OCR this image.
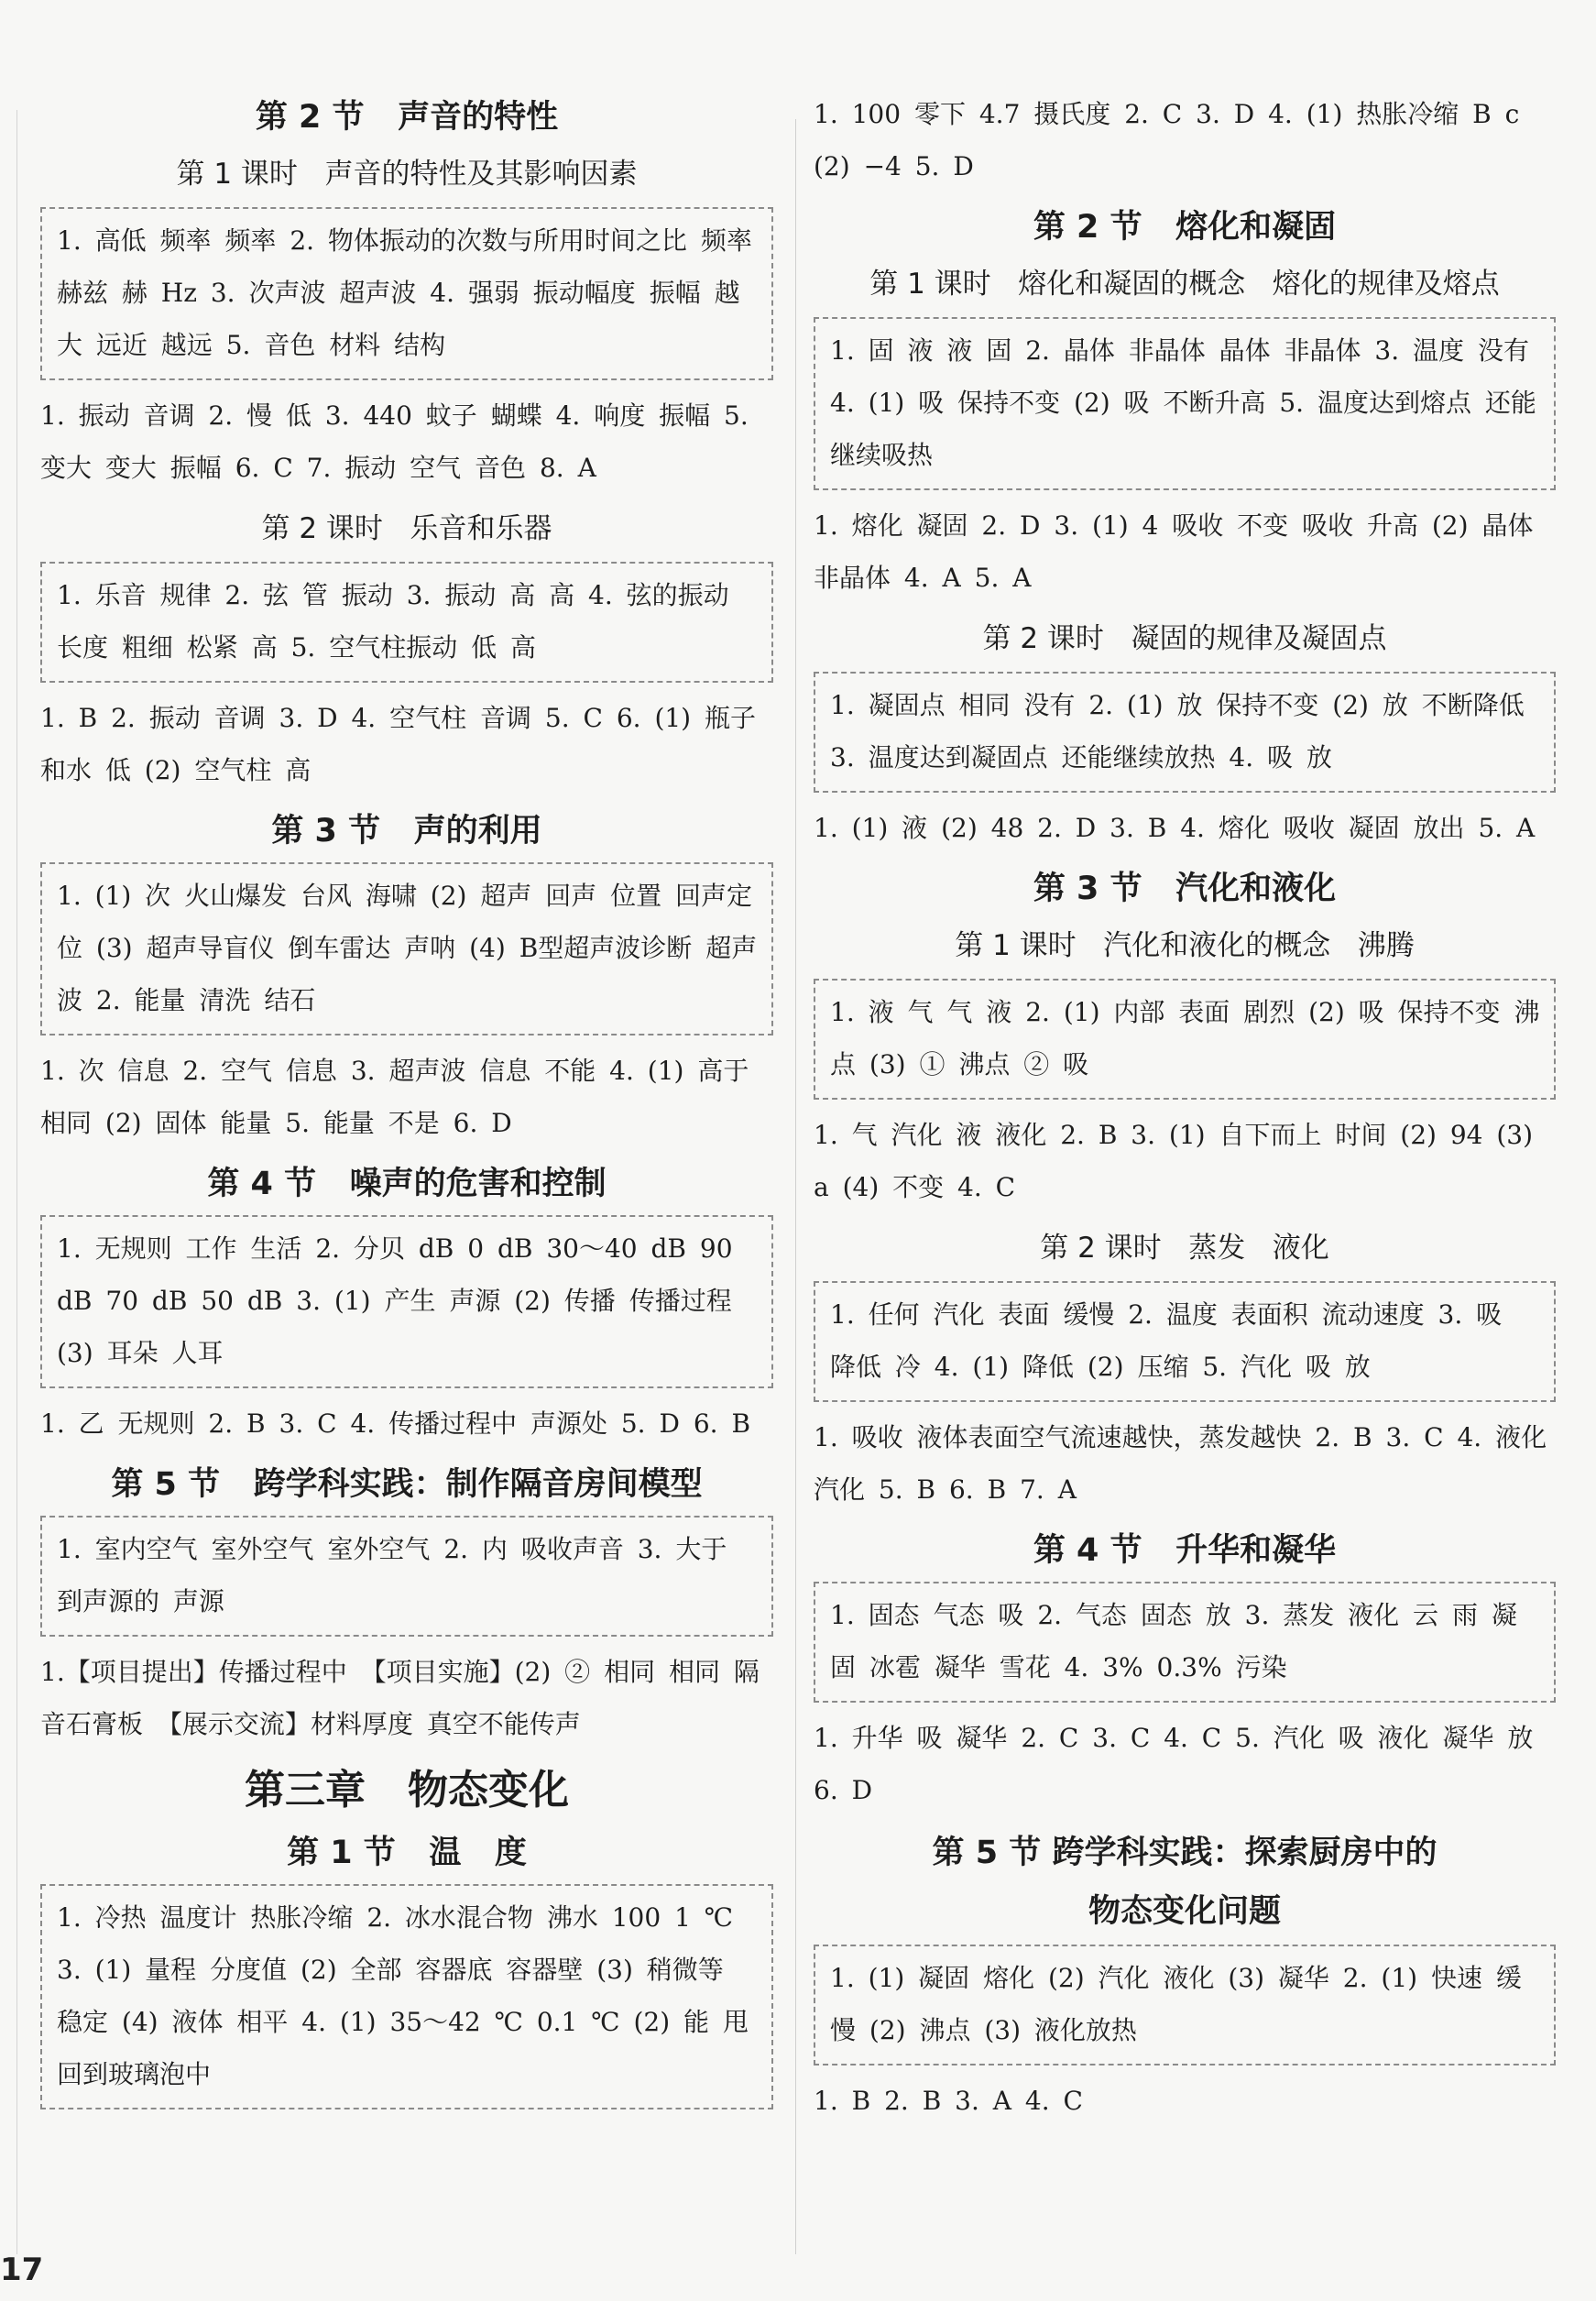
第 2 节   声音的特性
第 1 课时   声音的特性及其影响因素
1. 高低 频率 频率 2. 物体振动的次数与所用时间之比 频率 赫兹 赫 Hz 3. 次声波 超声波 4. 强弱 振动幅度 振幅 越大 远近 越远 5. 音色 材料 结构
1. 振动 音调 2. 慢 低 3. 440 蚊子 蝴蝶 4. 响度 振幅 5. 变大 变大 振幅 6. C 7. 振动 空气 音色 8. A
第 2 课时   乐音和乐器
1. 乐音 规律 2. 弦 管 振动 3. 振动 高 高 4. 弦的振动 长度 粗细 松紧 高 5. 空气柱振动 低 高
1. B 2. 振动 音调 3. D 4. 空气柱 音调 5. C 6. (1) 瓶子和水 低 (2) 空气柱 高
第 3 节   声的利用
1. (1) 次 火山爆发 台风 海啸 (2) 超声 回声 位置 回声定位 (3) 超声导盲仪 倒车雷达 声呐 (4) B型超声波诊断 超声波 2. 能量 清洗 结石
1. 次 信息 2. 空气 信息 3. 超声波 信息 不能 4. (1) 高于 相同 (2) 固体 能量 5. 能量 不是 6. D
第 4 节   噪声的危害和控制
1. 无规则 工作 生活 2. 分贝 dB 0 dB 30～40 dB 90 dB 70 dB 50 dB 3. (1) 产生 声源 (2) 传播 传播过程 (3) 耳朵 人耳
1. 乙 无规则 2. B 3. C 4. 传播过程中 声源处 5. D 6. B
第 5 节   跨学科实践：制作隔音房间模型
1. 室内空气 室外空气 室外空气 2. 内 吸收声音 3. 大于 到声源的 声源
1.【项目提出】传播过程中 【项目实施】(2) ② 相同 相同 隔音石膏板 【展示交流】材料厚度 真空不能传声
第三章   物态变化
第 1 节   温   度
1. 冷热 温度计 热胀冷缩 2. 冰水混合物 沸水 100 1 ℃ 3. (1) 量程 分度值 (2) 全部 容器底 容器壁 (3) 稍微等 稳定 (4) 液体 相平 4. (1) 35～42 ℃ 0.1 ℃ (2) 能 甩回到玻璃泡中
1. 100 零下 4.7 摄氏度 2. C 3. D 4. (1) 热胀冷缩 B c (2) −4 5. D
第 2 节   熔化和凝固
第 1 课时   熔化和凝固的概念   熔化的规律及熔点
1. 固 液 液 固 2. 晶体 非晶体 晶体 非晶体 3. 温度 没有 4. (1) 吸 保持不变 (2) 吸 不断升高 5. 温度达到熔点 还能继续吸热
1. 熔化 凝固 2. D 3. (1) 4 吸收 不变 吸收 升高 (2) 晶体 非晶体 4. A 5. A
第 2 课时   凝固的规律及凝固点
1. 凝固点 相同 没有 2. (1) 放 保持不变 (2) 放 不断降低 3. 温度达到凝固点 还能继续放热 4. 吸 放
1. (1) 液 (2) 48 2. D 3. B 4. 熔化 吸收 凝固 放出 5. A
第 3 节   汽化和液化
第 1 课时   汽化和液化的概念   沸腾
1. 液 气 气 液 2. (1) 内部 表面 剧烈 (2) 吸 保持不变 沸点 (3) ① 沸点 ② 吸
1. 气 汽化 液 液化 2. B 3. (1) 自下而上 时间 (2) 94 (3) a (4) 不变 4. C
第 2 课时   蒸发   液化
1. 任何 汽化 表面 缓慢 2. 温度 表面积 流动速度 3. 吸 降低 冷 4. (1) 降低 (2) 压缩 5. 汽化 吸 放
1. 吸收 液体表面空气流速越快，蒸发越快 2. B 3. C 4. 液化 汽化 5. B 6. B 7. A
第 4 节   升华和凝华
1. 固态 气态 吸 2. 气态 固态 放 3. 蒸发 液化 云 雨 凝固 冰雹 凝华 雪花 4. 3% 0.3% 污染
1. 升华 吸 凝华 2. C 3. C 4. C 5. 汽化 吸 液化 凝华 放 6. D
第 5 节 跨学科实践：探索厨房中的
物态变化问题
1. (1) 凝固 熔化 (2) 汽化 液化 (3) 凝华 2. (1) 快速 缓慢 (2) 沸点 (3) 液化放热
1. B 2. B 3. A 4. C
17
